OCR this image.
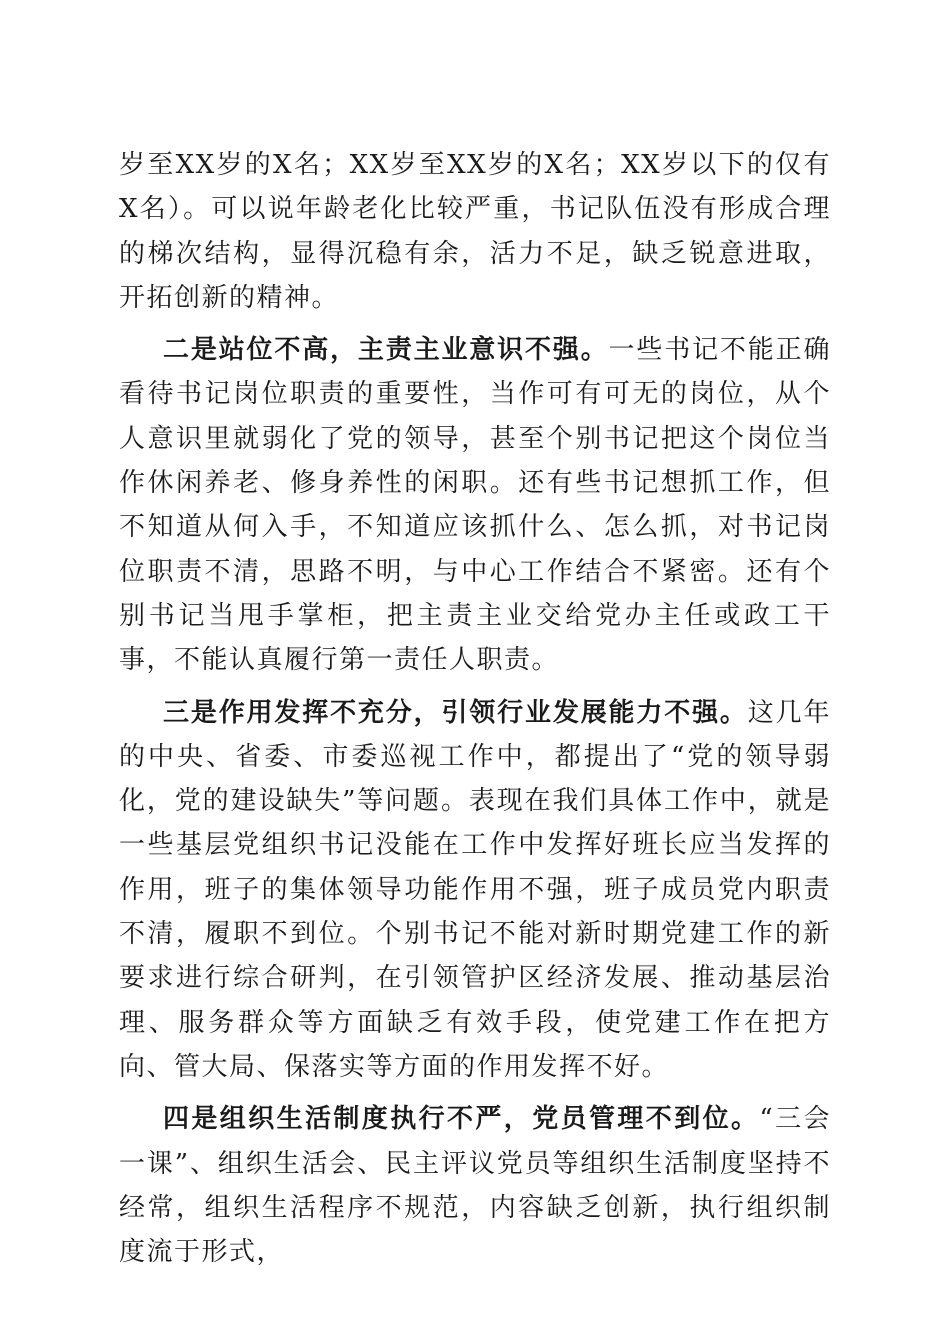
岁至XX岁的X名；XX岁至XX岁的X名；XX岁以下的仅有X名）。可以说年龄老化比较严重，书记队伍没有形成合理的梯次结构，显得沉稳有余，活力不足，缺乏锐意进取，开拓创新的精神。

二是站位不高，主责主业意识不强。一些书记不能正确看待书记岗位职责的重要性，当作可有可无的岗位，从个人意识里就弱化了党的领导，甚至个别书记把这个岗位当作休闲养老、修身养性的闲职。还有些书记想抓工作，但不知道从何入手，不知道应该抓什么、怎么抓，对书记岗位职责不清，思路不明，与中心工作结合不紧密。还有个别书记当甩手掌柜，把主责主业交给党办主任或政工干事，不能认真履行第一责任人职责。

三是作用发挥不充分，引领行业发展能力不强。这几年的中央、省委、市委巡视工作中，都提出了“党的领导弱化，党的建设缺失”等问题。表现在我们具体工作中，就是一些基层党组织书记没能在工作中发挥好班长应当发挥的作用，班子的集体领导功能作用不强，班子成员党内职责不清，履职不到位。个别书记不能对新时期党建工作的新要求进行综合研判，在引领管护区经济发展、推动基层治理、服务群众等方面缺乏有效手段，使党建工作在把方向、管大局、保落实等方面的作用发挥不好。

四是组织生活制度执行不严，党员管理不到位。“三会一课”、组织生活会、民主评议党员等组织生活制度坚持不经常，组织生活程序不规范，内容缺乏创新，执行组织制度流于形式，
